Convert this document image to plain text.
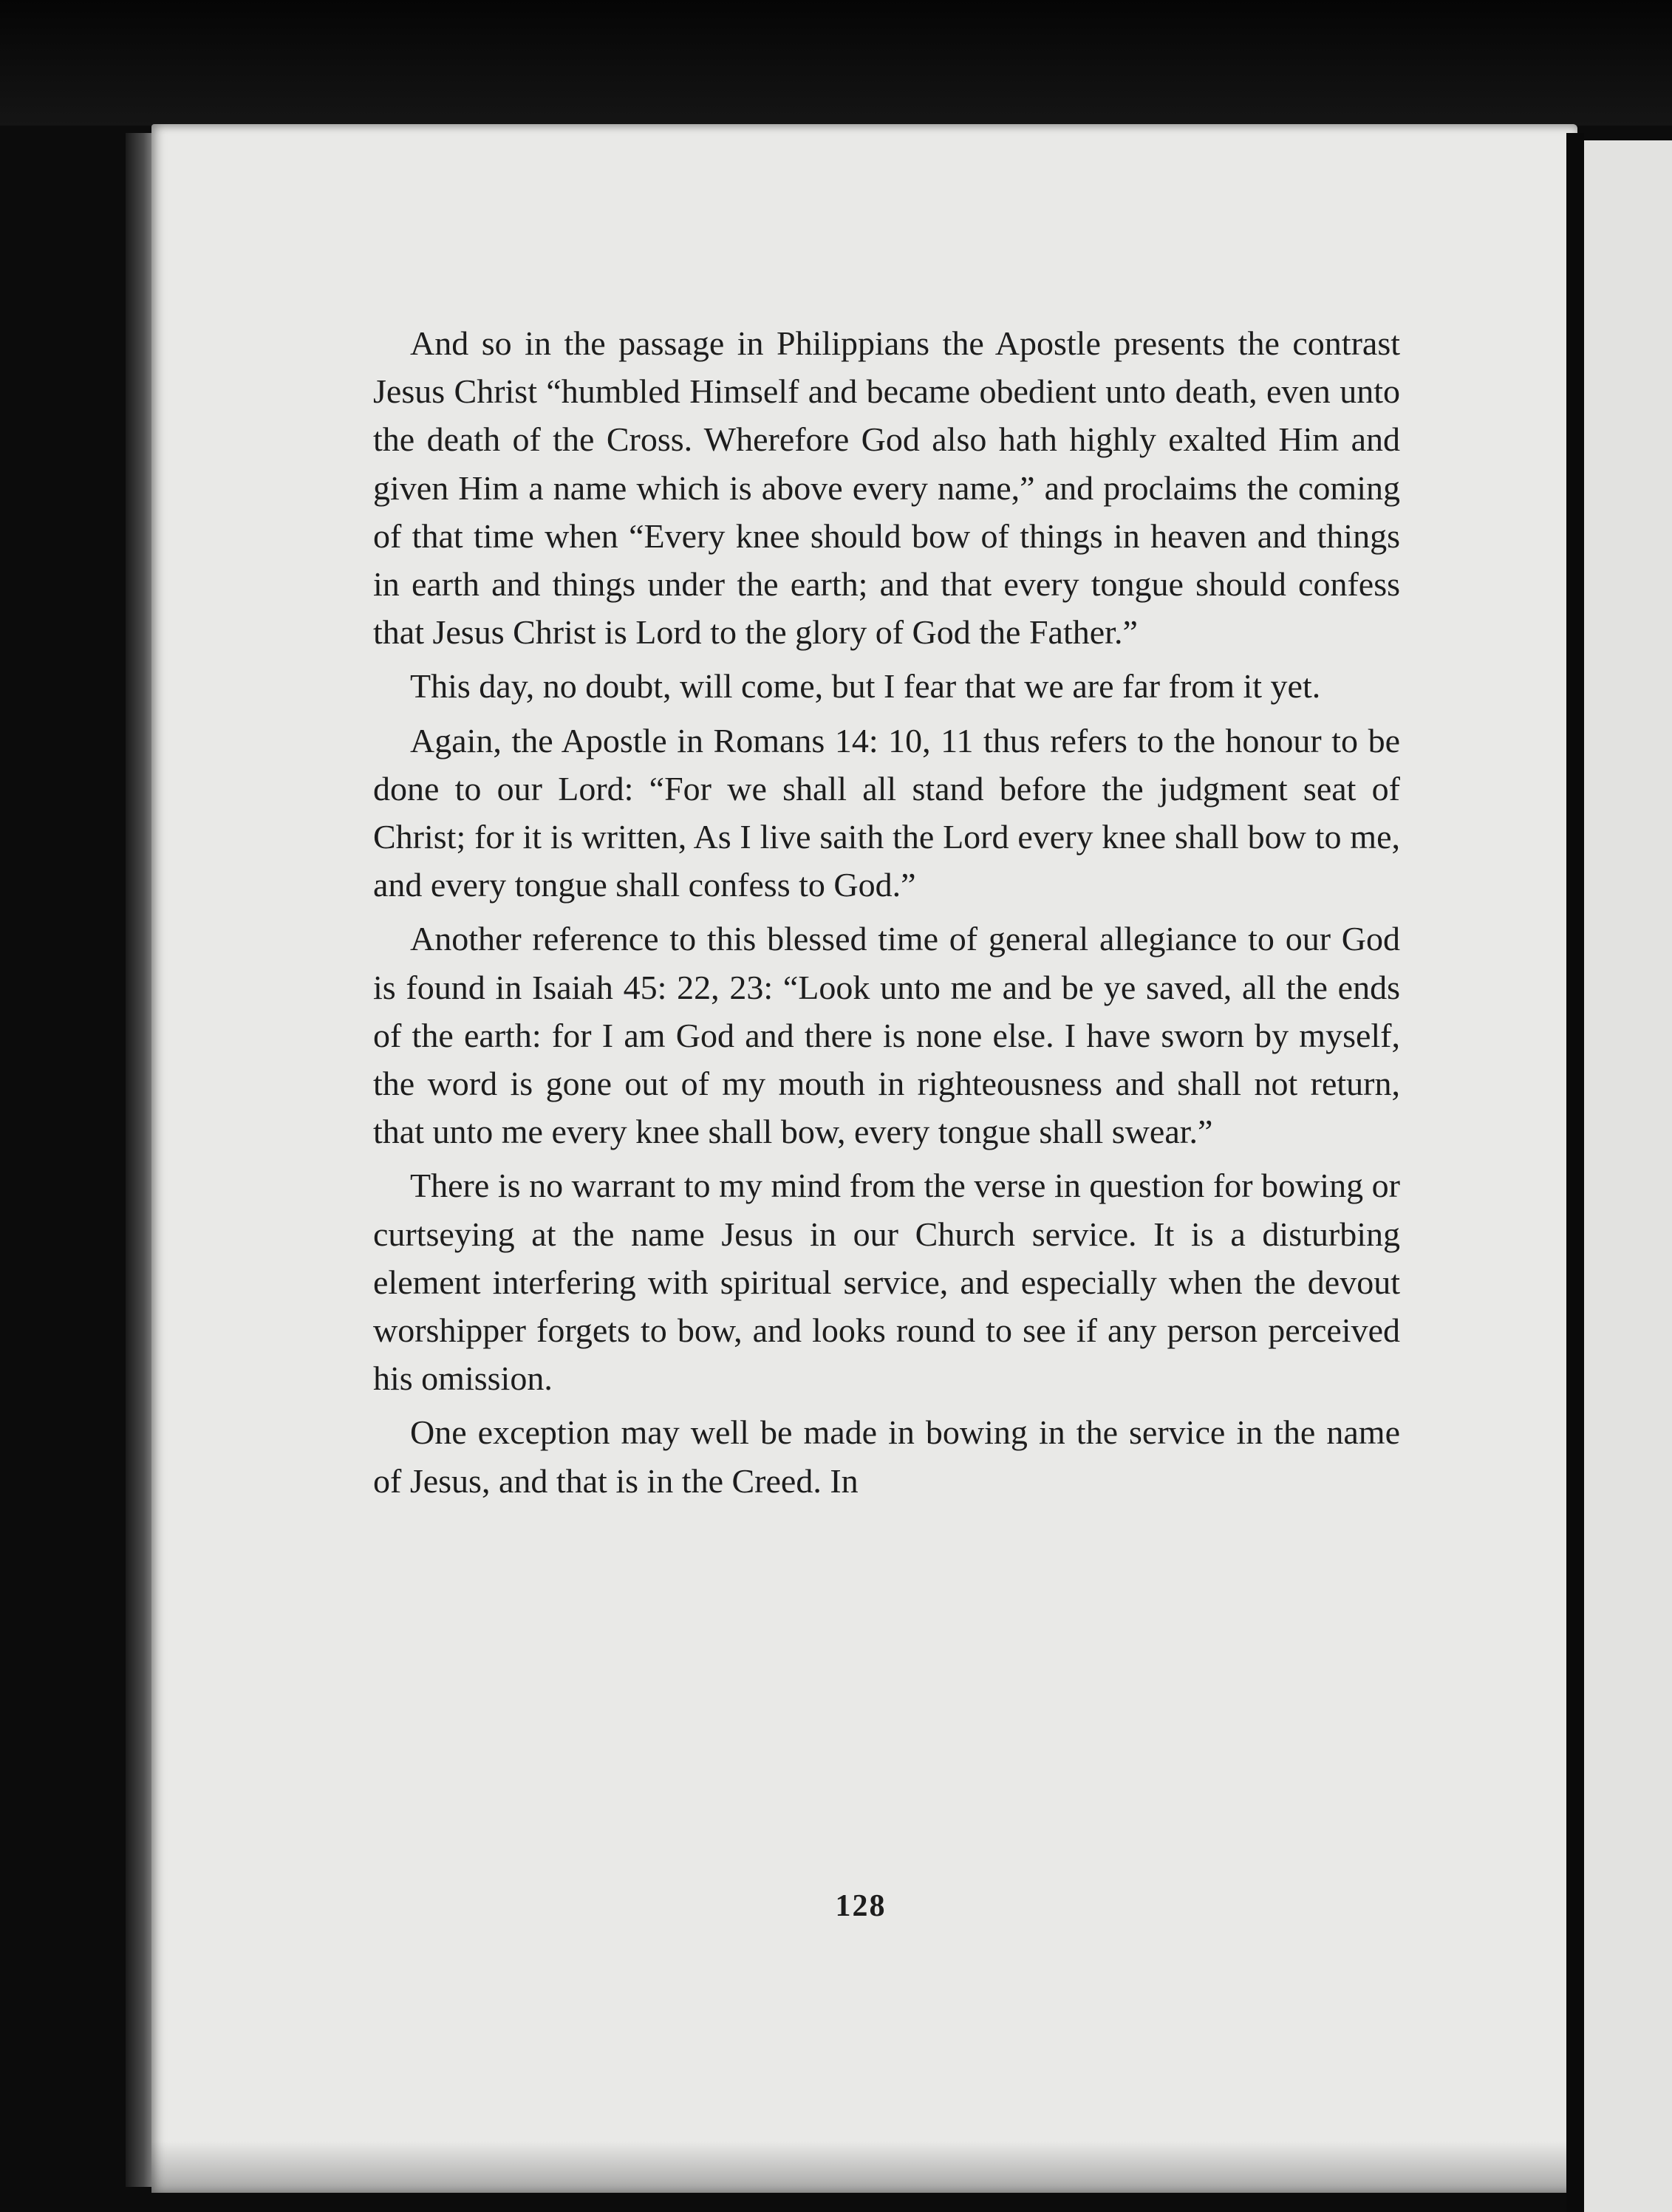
And so in the passage in Philippians the Apostle presents the contrast Jesus Christ “humbled Himself and became obedient unto death, even unto the death of the Cross. Wherefore God also hath highly exalted Him and given Him a name which is above every name,” and proclaims the coming of that time when “Every knee should bow of things in heaven and things in earth and things under the earth; and that every tongue should confess that Jesus Christ is Lord to the glory of God the Father.”

This day, no doubt, will come, but I fear that we are far from it yet.

Again, the Apostle in Romans 14: 10, 11 thus refers to the honour to be done to our Lord: “For we shall all stand before the judgment seat of Christ; for it is written, As I live saith the Lord every knee shall bow to me, and every tongue shall confess to God.”

Another reference to this blessed time of general allegiance to our God is found in Isaiah 45: 22, 23: “Look unto me and be ye saved, all the ends of the earth: for I am God and there is none else. I have sworn by myself, the word is gone out of my mouth in righteousness and shall not return, that unto me every knee shall bow, every tongue shall swear.”

There is no warrant to my mind from the verse in question for bowing or curtseying at the name Jesus in our Church service. It is a disturbing element interfering with spiritual service, and especially when the devout worshipper forgets to bow, and looks round to see if any person perceived his omission.

One exception may well be made in bowing in the service in the name of Jesus, and that is in the Creed. In

128
